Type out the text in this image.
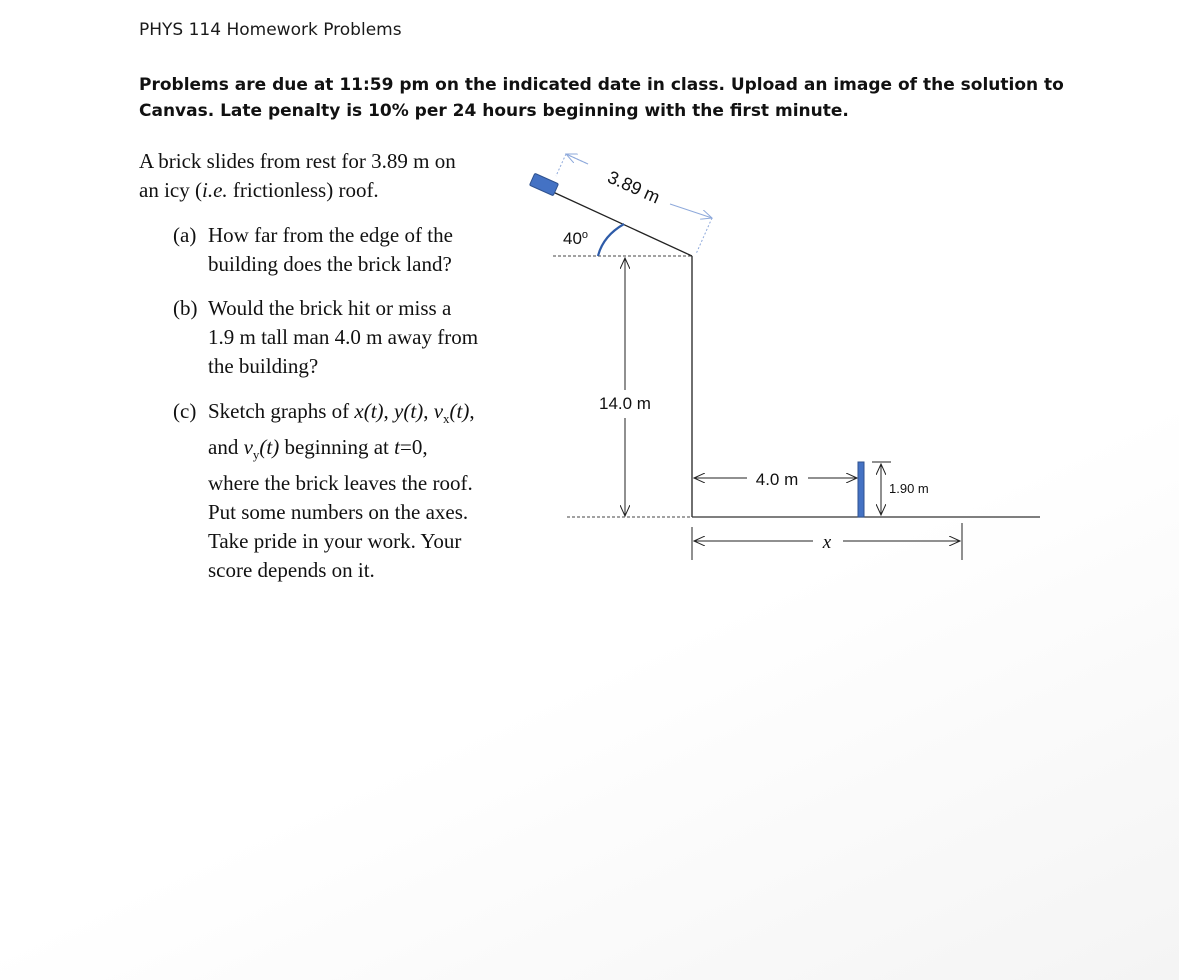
PHYS 114 Homework Problems
Problems are due at 11:59 pm on the indicated date in class. Upload an image of the solution to
Canvas. Late penalty is 10% per 24 hours beginning with the first minute.
A brick slides from rest for 3.89 m on
an icy (i.e. frictionless) roof.
(a) How far from the edge of the
building does the brick land?
(b) Would the brick hit or miss a
1.9 m tall man 4.0 m away from
the building?
(c) Sketch graphs of x(t), y(t), $v_x(t)$,
and $v_y(t)$ beginning at t=0,
where the brick leaves the roof.
Put some numbers on the axes.
Take pride in your work. Your
score depends on it.
3.89 m
40$^o$
14.0 m
4.0 m	1.90 m
x
